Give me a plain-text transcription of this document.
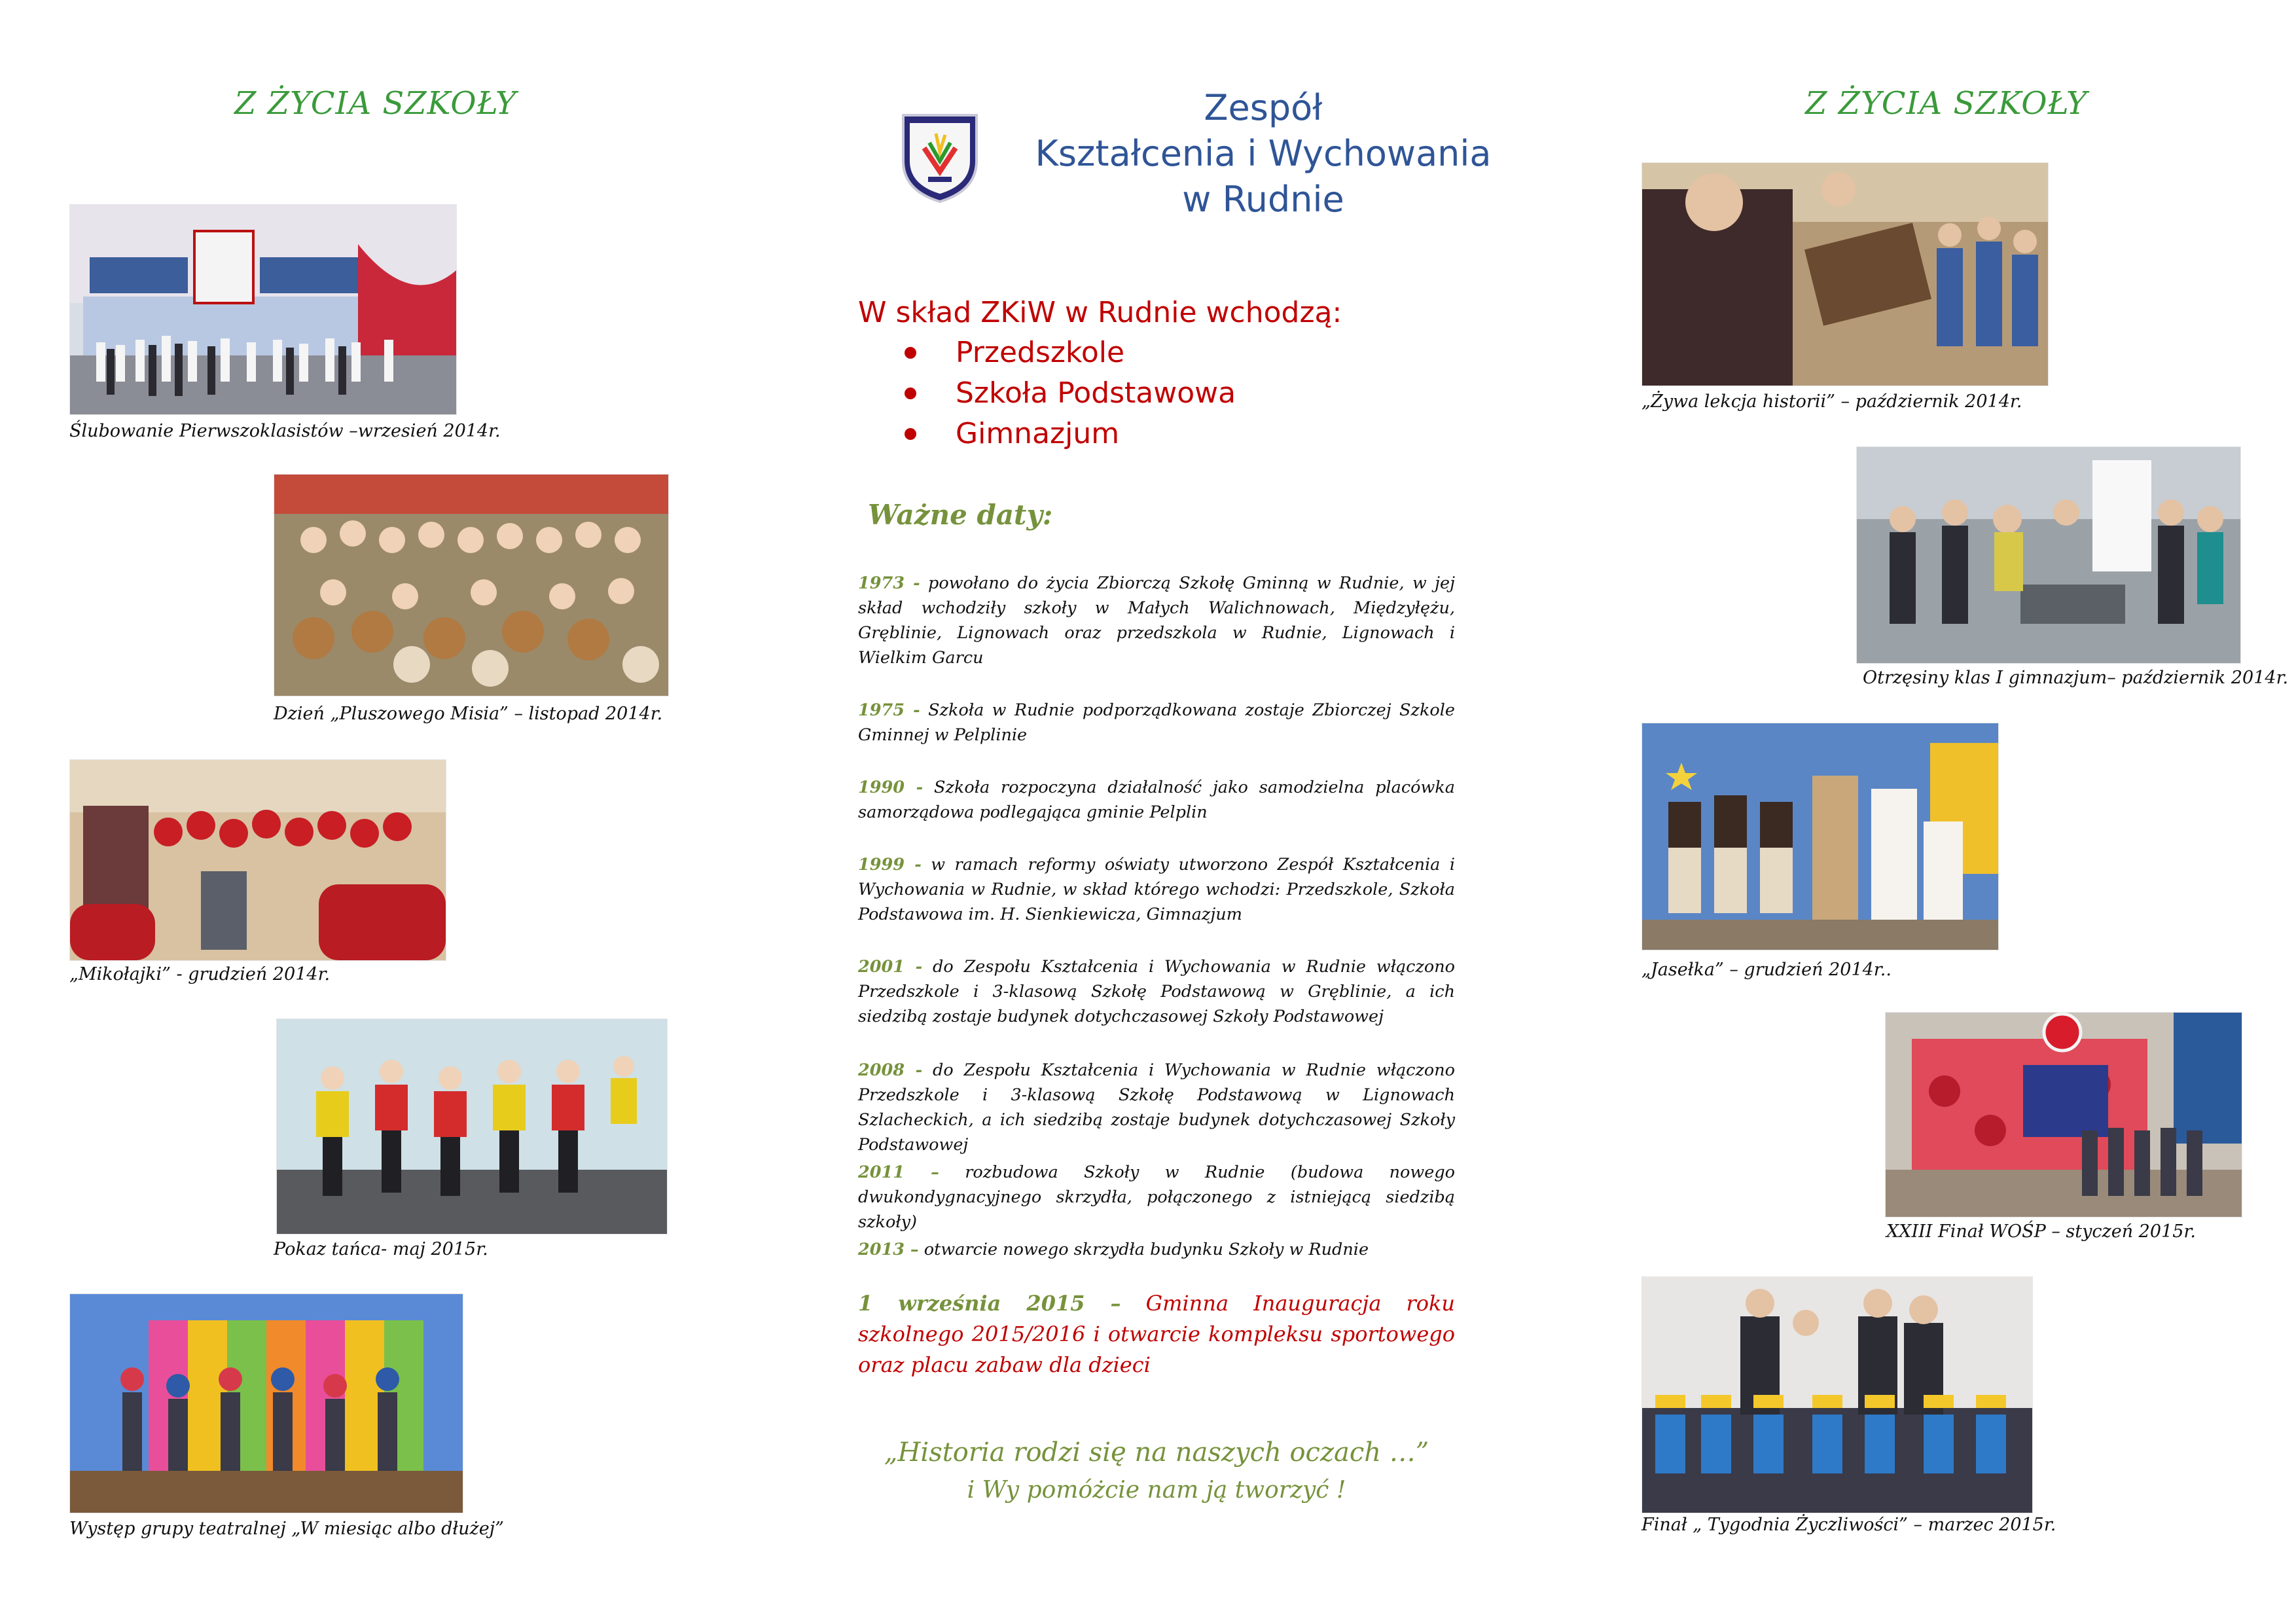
Z ŻYCIA SZKOŁY
Ślubowanie Pierwszoklasistów –wrzesień 2014r.
Dzień „Pluszowego Misia” – listopad 2014r.
„Mikołajki” - grudzień 2014r.
Pokaz tańca- maj 2015r.
Występ grupy teatralnej „W miesiąc albo dłużej”
Zespół
Kształcenia i Wychowania
w Rudnie
W skład ZKiW w Rudnie wchodzą:
Przedszkole
Szkoła Podstawowa
Gimnazjum
Ważne daty:
1973 - powołano do życia Zbiorczą Szkołę Gminną w Rudnie, w jej skład wchodziły szkoły w Małych Walichnowach, Międzyłężu, Gręblinie, Lignowach oraz przedszkola w Rudnie, Lignowach i Wielkim Garcu
1975 - Szkoła w Rudnie podporządkowana zostaje Zbiorczej Szkole Gminnej w Pelplinie
1990 - Szkoła rozpoczyna działalność jako samodzielna placówka samorządowa podlegająca gminie Pelplin
1999 - w ramach reformy oświaty utworzono Zespół Kształcenia i Wychowania w Rudnie, w skład którego wchodzi: Przedszkole, Szkoła Podstawowa im. H. Sienkiewicza, Gimnazjum
2001 - do Zespołu Kształcenia i Wychowania w Rudnie włączono Przedszkole i 3-klasową Szkołę Podstawową w Gręblinie, a ich siedzibą zostaje budynek dotychczasowej Szkoły Podstawowej
2008 - do Zespołu Kształcenia i Wychowania w Rudnie włączono Przedszkole i 3-klasową Szkołę Podstawową w Lignowach Szlacheckich, a ich siedzibą zostaje budynek dotychczasowej Szkoły Podstawowej
2011 – rozbudowa Szkoły w Rudnie (budowa nowego dwukondygnacyjnego skrzydła, połączonego z istniejącą siedzibą szkoły)
2013 – otwarcie nowego skrzydła budynku Szkoły w Rudnie
1 września 2015 – Gminna Inauguracja roku szkolnego 2015/2016 i otwarcie kompleksu sportowego oraz placu zabaw dla dzieci
„Historia rodzi się na naszych oczach …”
i Wy pomóżcie nam ją tworzyć !
Z ŻYCIA SZKOŁY
„Żywa lekcja historii” – październik 2014r.
Otrzęsiny klas I gimnazjum– październik 2014r.
„Jasełka” – grudzień 2014r..
XXIII Finał WOŚP – styczeń 2015r.
Finał „ Tygodnia Życzliwości” – marzec 2015r.
